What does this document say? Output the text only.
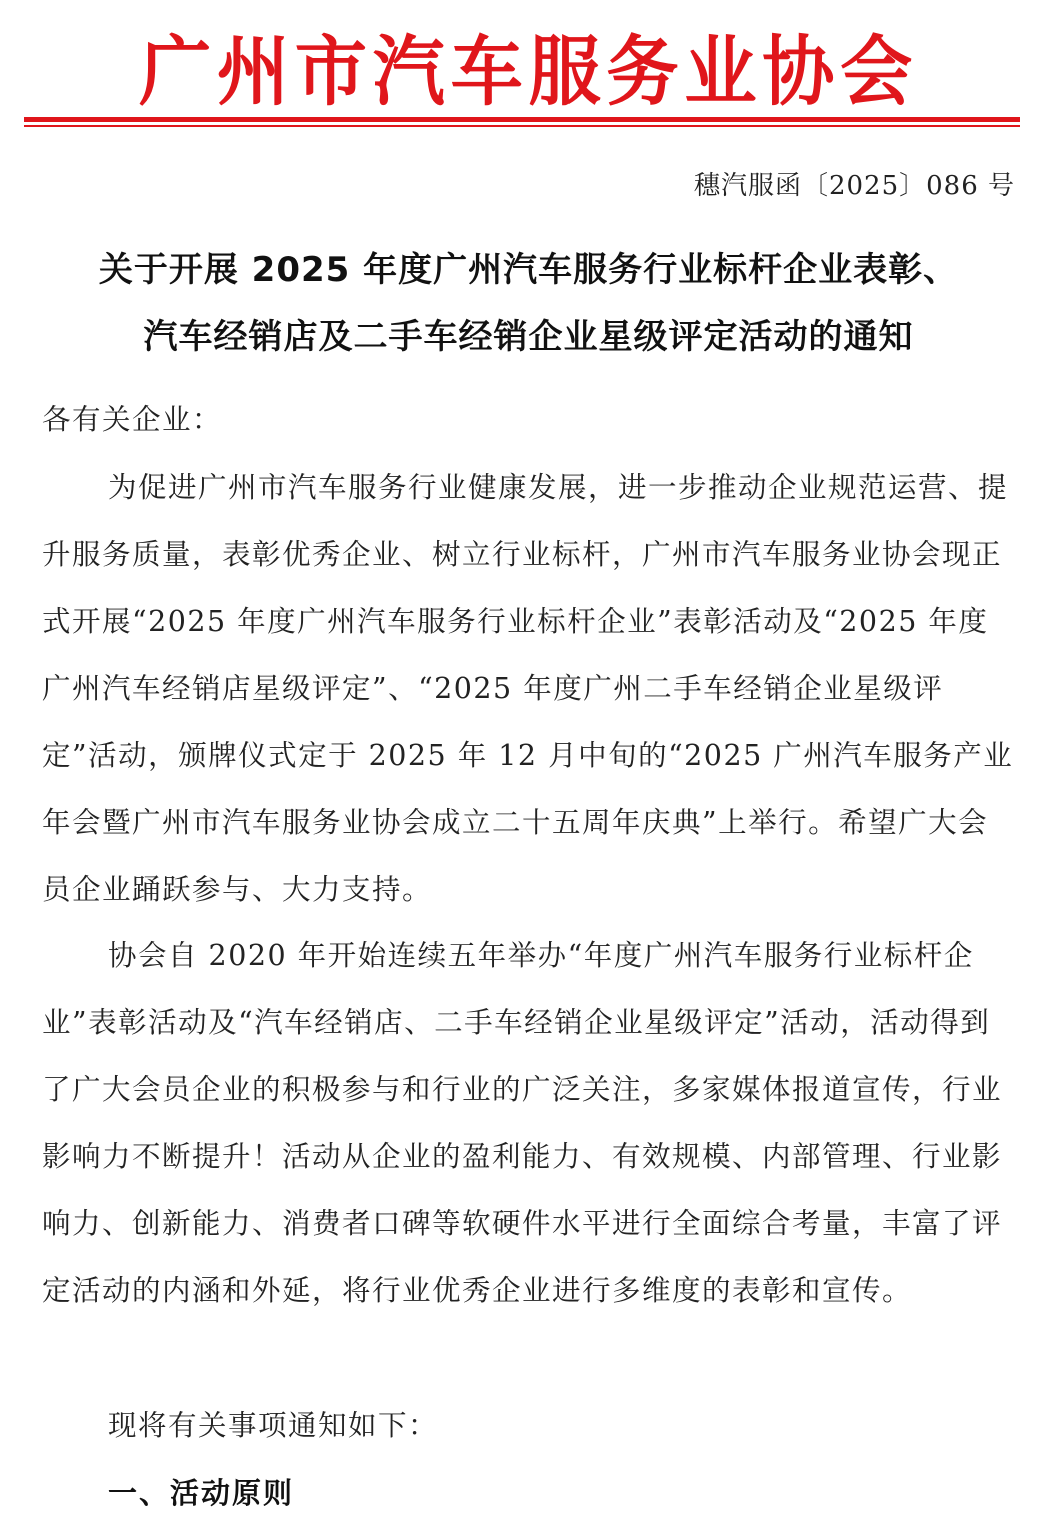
广州市汽车服务业协会
穗汽服函〔2025〕086 号
关于开展 2025 年度广州汽车服务行业标杆企业表彰、
汽车经销店及二手车经销企业星级评定活动的通知

各有关企业：

为促进广州市汽车服务行业健康发展，进一步推动企业规范运营、提升服务质量，表彰优秀企业、树立行业标杆，广州市汽车服务业协会现正式开展“2025 年度广州汽车服务行业标杆企业”表彰活动及“2025 年度广州汽车经销店星级评定”、“2025 年度广州二手车经销企业星级评定”活动，颁牌仪式定于 2025 年 12 月中旬的“2025 广州汽车服务产业年会暨广州市汽车服务业协会成立二十五周年庆典”上举行。希望广大会员企业踊跃参与、大力支持。

协会自 2020 年开始连续五年举办“年度广州汽车服务行业标杆企业”表彰活动及“汽车经销店、二手车经销企业星级评定”活动，活动得到了广大会员企业的积极参与和行业的广泛关注，多家媒体报道宣传，行业影响力不断提升！活动从企业的盈利能力、有效规模、内部管理、行业影响力、创新能力、消费者口碑等软硬件水平进行全面综合考量，丰富了评定活动的内涵和外延，将行业优秀企业进行多维度的表彰和宣传。

现将有关事项通知如下：

一、活动原则
